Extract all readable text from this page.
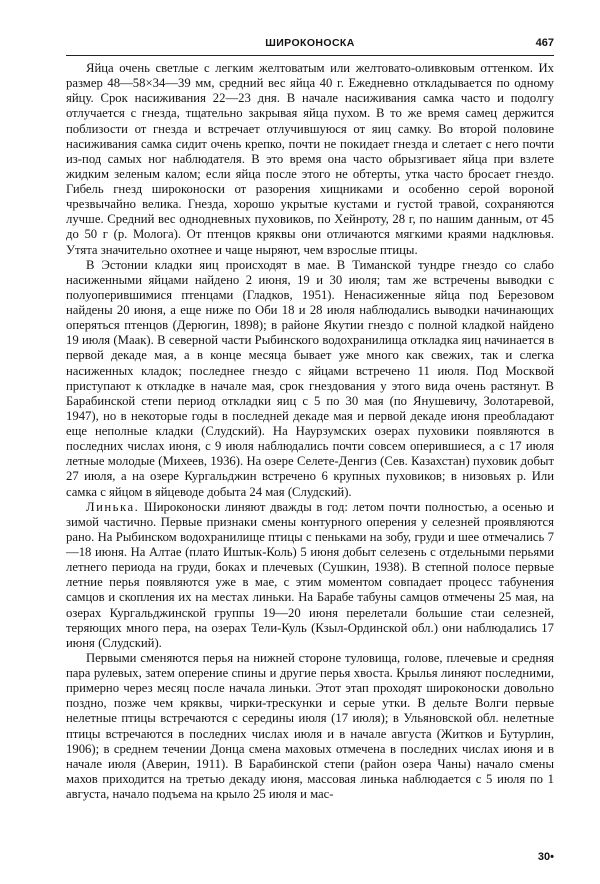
ШИРОКОНОСКА	467

Яйца очень светлые с легким желтоватым или желтовато-оливковым оттенком. Их размер 48—58×34—39 мм, средний вес яйца 40 г. Ежедневно откладывается по одному яйцу. Срок насиживания 22—23 дня. В начале насиживания самка часто и подолгу отлучается с гнезда, тщательно закрывая яйца пухом. В то же время самец держится поблизости от гнезда и встречает отлучившуюся от яиц самку. Во второй половине насиживания самка сидит очень крепко, почти не покидает гнезда и слетает с него почти из-под самых ног наблюдателя. В это время она часто обрызгивает яйца при взлете жидким зеленым калом; если яйца после этого не обтерты, утка часто бросает гнездо. Гибель гнезд широконоски от разорения хищниками и особенно серой вороной чрезвычайно велика. Гнезда, хорошо укрытые кустами и густой травой, сохраняются лучше. Средний вес однодневных пуховиков, по Хейнроту, 28 г, по нашим данным, от 45 до 50 г (р. Молога). От птенцов кряквы они отличаются мягкими краями надклювья. Утята значительно охотнее и чаще ныряют, чем взрослые птицы.

В Эстонии кладки яиц происходят в мае. В Тиманской тундре гнездо со слабо насиженными яйцами найдено 2 июня, 19 и 30 июля; там же встречены выводки с полуоперившимися птенцами (Гладков, 1951). Ненасиженные яйца под Березовом найдены 20 июня, а еще ниже по Оби 18 и 28 июля наблюдались выводки начинающих оперяться птенцов (Дерюгин, 1898); в районе Якутии гнездо с полной кладкой найдено 19 июля (Маак). В северной части Рыбинского водохранилища откладка яиц начинается в первой декаде мая, а в конце месяца бывает уже много как свежих, так и слегка насиженных кладок; последнее гнездо с яйцами встречено 11 июля. Под Москвой приступают к откладке в начале мая, срок гнездования у этого вида очень растянут. В Барабинской степи период откладки яиц с 5 по 30 мая (по Янушевичу, Золотаревой, 1947), но в некоторые годы в последней декаде мая и первой декаде июня преобладают еще неполные кладки (Слудский). На Наурзумских озерах пуховики появляются в последних числах июня, с 9 июля наблюдались почти совсем оперившиеся, а с 17 июля летные молодые (Михеев, 1936). На озере Селете-Денгиз (Сев. Казахстан) пуховик добыт 27 июля, а на озере Кургальджин встречено 6 крупных пуховиков; в низовьях р. Или самка с яйцом в яйцеводе добыта 24 мая (Слудский).

Линька. Широконоски линяют дважды в год: летом почти полностью, а осенью и зимой частично. Первые признаки смены контурного оперения у селезней проявляются рано. На Рыбинском водохранилище птицы с пеньками на зобу, груди и шее отмечались 7—18 июня. На Алтае (плато Иштык-Коль) 5 июня добыт селезень с отдельными перьями летнего периода на груди, боках и плечевых (Сушкин, 1938). В степной полосе первые летние перья появляются уже в мае, с этим моментом совпадает процесс табунения самцов и скопления их на местах линьки. На Барабе табуны самцов отмечены 25 мая, на озерах Кургальджинской группы 19—20 июня перелетали большие стаи селезней, теряющих много пера, на озерах Тели-Куль (Кзыл-Ординской обл.) они наблюдались 17 июня (Слудский).

Первыми сменяются перья на нижней стороне туловища, голове, плечевые и средняя пара рулевых, затем оперение спины и другие перья хвоста. Крылья линяют последними, примерно через месяц после начала линьки. Этот этап проходят широконоски довольно поздно, позже чем кряквы, чирки-трескунки и серые утки. В дельте Волги первые нелетные птицы встречаются с середины июля (17 июля); в Ульяновской обл. нелетные птицы встречаются в последних числах июля и в начале августа (Житков и Бутурлин, 1906); в среднем течении Донца смена маховых отмечена в последних числах июня и в начале июля (Аверин, 1911). В Барабинской степи (район озера Чаны) начало смены махов приходится на третью декаду июня, массовая линька наблюдается с 5 июля по 1 августа, начало подъема на крыло 25 июля и мас-

30•
